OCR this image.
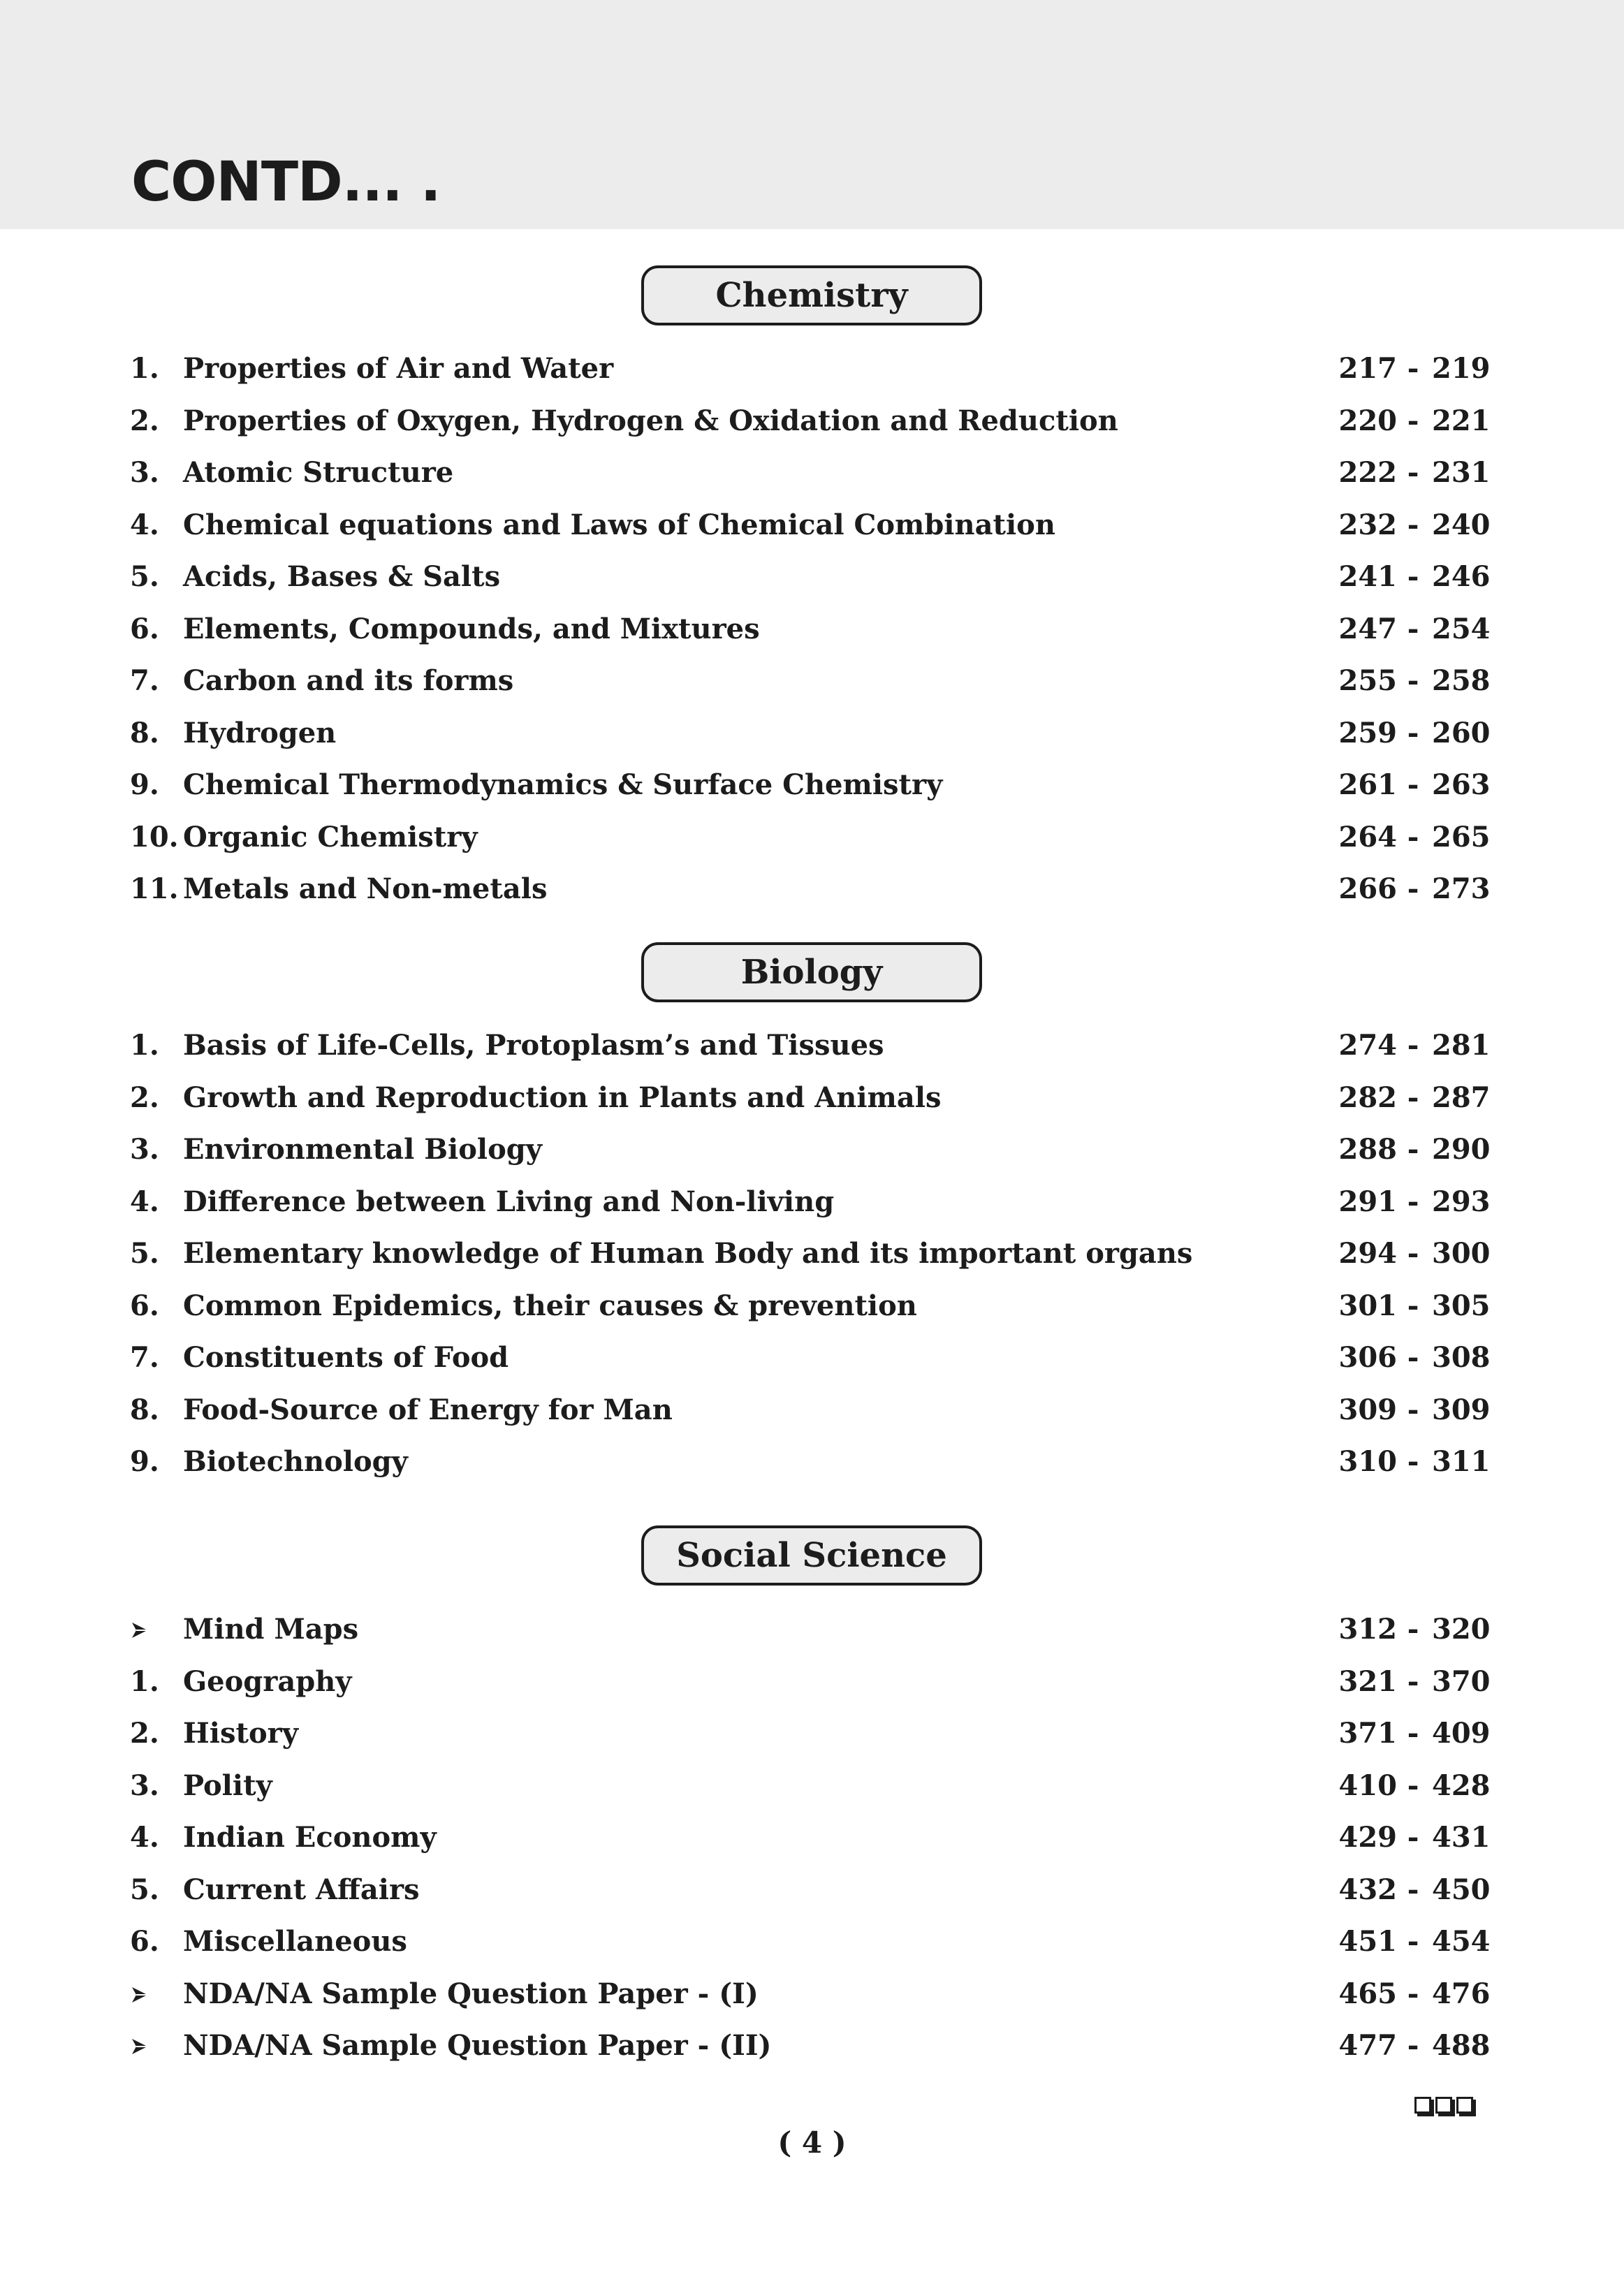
CONTD... .
Chemistry
1. Properties of Air and Water	217 - 219
2. Properties of Oxygen, Hydrogen & Oxidation and Reduction	220 - 221
3. Atomic Structure	222 - 231
4. Chemical equations and Laws of Chemical Combination	232 - 240
5. Acids, Bases & Salts	241 - 246
6. Elements, Compounds, and Mixtures	247 - 254
7. Carbon and its forms	255 - 258
8. Hydrogen	259 - 260
9. Chemical Thermodynamics & Surface Chemistry	261 - 263
10. Organic Chemistry	264 - 265
11. Metals and Non-metals	266 - 273
Biology
1. Basis of Life-Cells, Protoplasm’s and Tissues	274 - 281
2. Growth and Reproduction in Plants and Animals	282 - 287
3. Environmental Biology	288 - 290
4. Difference between Living and Non-living	291 - 293
5. Elementary knowledge of Human Body and its important organs	294 - 300
6. Common Epidemics, their causes & prevention	301 - 305
7. Constituents of Food	306 - 308
8. Food-Source of Energy for Man	309 - 309
9. Biotechnology	310 - 311
Social Science
Mind Maps	312 - 320
1. Geography	321 - 370
2. History	371 - 409
3. Polity	410 - 428
4. Indian Economy	429 - 431
5. Current Affairs	432 - 450
6. Miscellaneous	451 - 454
NDA/NA Sample Question Paper - (I)	465 - 476
NDA/NA Sample Question Paper - (II)	477 - 488
( 4 )
